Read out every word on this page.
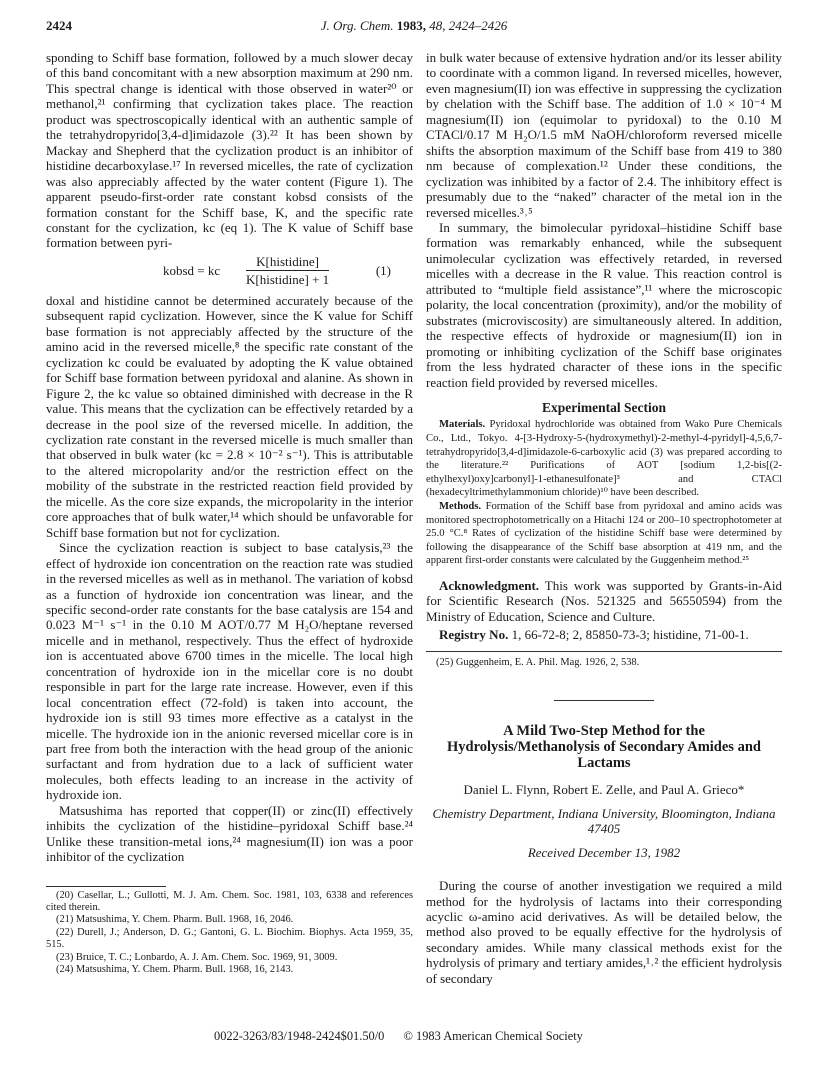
2424	J. Org. Chem. 1983, 48, 2424–2426

sponding to Schiff base formation, followed by a much slower decay of this band concomitant with a new absorption maximum at 290 nm. This spectral change is identical with those observed in water²⁰ or methanol,²¹ confirming that cyclization takes place. The reaction product was spectroscopically identical with an authentic sample of the tetrahydropyrido[3,4-d]imidazole (3).²² It has been shown by Mackay and Shepherd that the cyclization product is an inhibitor of histidine decarboxylase.¹⁷ In reversed micelles, the rate of cyclization was also appreciably affected by the water content (Figure 1). The apparent pseudo-first-order rate constant kobsd consists of the formation constant for the Schiff base, K, and the specific rate constant for the cyclization, kc (eq 1). The K value of Schiff base formation between pyri-

kobsd = kc
K[histidine]
K[histidine] + 1
(1)

doxal and histidine cannot be determined accurately because of the subsequent rapid cyclization. However, since the K value for Schiff base formation is not appreciably affected by the structure of the amino acid in the reversed micelle,⁸ the specific rate constant of the cyclization kc could be evaluated by adopting the K value obtained for Schiff base formation between pyridoxal and alanine. As shown in Figure 2, the kc value so obtained diminished with decrease in the R value. This means that the cyclization can be effectively retarded by a decrease in the pool size of the reversed micelle. In addition, the cyclization rate constant in the reversed micelle is much smaller than that observed in bulk water (kc = 2.8 × 10⁻² s⁻¹). This is attributable to the altered micropolarity and/or the restriction effect on the mobility of the substrate in the restricted reaction field provided by the micelle. As the core size expands, the micropolarity in the interior core approaches that of bulk water,¹⁴ which should be unfavorable for Schiff base formation but not for cyclization.

Since the cyclization reaction is subject to base catalysis,²³ the effect of hydroxide ion concentration on the reaction rate was studied in the reversed micelles as well as in methanol. The variation of kobsd as a function of hydroxide ion concentration was linear, and the specific second-order rate constants for the base catalysis are 154 and 0.023 M⁻¹ s⁻¹ in the 0.10 M AOT/0.77 M H₂O/heptane reversed micelle and in methanol, respectively. Thus the effect of hydroxide ion is accentuated above 6700 times in the micelle. The local high concentration of hydroxide ion in the micellar core is no doubt responsible in part for the large rate increase. However, even if this local concentration effect (72-fold) is taken into account, the hydroxide ion is still 93 times more effective as a catalyst in the micelle. The hydroxide ion in the anionic reversed micellar core is in part free from both the interaction with the head group of the anionic surfactant and from hydration due to a lack of sufficient water molecules, both effects leading to an increase in the activity of hydroxide ion.

Matsushima has reported that copper(II) or zinc(II) effectively inhibits the cyclization of the histidine–pyridoxal Schiff base.²⁴ Unlike these transition-metal ions,²⁴ magnesium(II) ion was a poor inhibitor of the cyclization

(20) Casellar, L.; Gullotti, M. J. Am. Chem. Soc. 1981, 103, 6338 and references cited therein.

(21) Matsushima, Y. Chem. Pharm. Bull. 1968, 16, 2046.

(22) Durell, J.; Anderson, D. G.; Gantoni, G. L. Biochim. Biophys. Acta 1959, 35, 515.

(23) Bruice, T. C.; Lonbardo, A. J. Am. Chem. Soc. 1969, 91, 3009.

(24) Matsushima, Y. Chem. Pharm. Bull. 1968, 16, 2143.

in bulk water because of extensive hydration and/or its lesser ability to coordinate with a common ligand. In reversed micelles, however, even magnesium(II) ion was effective in suppressing the cyclization by chelation with the Schiff base. The addition of 1.0 × 10⁻⁴ M magnesium(II) ion (equimolar to pyridoxal) to the 0.10 M CTACl/0.17 M H₂O/1.5 mM NaOH/chloroform reversed micelle shifts the absorption maximum of the Schiff base from 419 to 380 nm because of complexation.¹² Under these conditions, the cyclization was inhibited by a factor of 2.4. The inhibitory effect is presumably due to the “naked” character of the metal ion in the reversed micelles.³˒⁵

In summary, the bimolecular pyridoxal–histidine Schiff base formation was remarkably enhanced, while the subsequent unimolecular cyclization was effectively retarded, in reversed micelles with a decrease in the R value. This reaction control is attributed to “multiple field assistance”,¹¹ where the microscopic polarity, the local concentration (proximity), and/or the mobility of substrates (microviscosity) are simultaneously altered. In addition, the respective effects of hydroxide or magnesium(II) ion in promoting or inhibiting cyclization of the Schiff base originates from the less hydrated character of these ions in the specific reaction field provided by reversed micelles.

Experimental Section

Materials. Pyridoxal hydrochloride was obtained from Wako Pure Chemicals Co., Ltd., Tokyo. 4-[3-Hydroxy-5-(hydroxymethyl)-2-methyl-4-pyridyl]-4,5,6,7-tetrahydropyrido[3,4-d]imidazole-6-carboxylic acid (3) was prepared according to the literature.²² Purifications of AOT [sodium 1,2-bis[(2-ethylhexyl)oxy]carbonyl]-1-ethanesulfonate]³ and CTACl (hexadecyltrimethylammonium chloride)¹⁰ have been described.

Methods. Formation of the Schiff base from pyridoxal and amino acids was monitored spectrophotometrically on a Hitachi 124 or 200–10 spectrophotometer at 25.0 °C.⁸ Rates of cyclization of the histidine Schiff base were determined by following the disappearance of the Schiff base absorption at 419 nm, and the apparent first-order constants were calculated by the Guggenheim method.²⁵

Acknowledgment. This work was supported by Grants-in-Aid for Scientific Research (Nos. 521325 and 56550594) from the Ministry of Education, Science and Culture.

Registry No. 1, 66-72-8; 2, 85850-73-3; histidine, 71-00-1.

(25) Guggenheim, E. A. Phil. Mag. 1926, 2, 538.

A Mild Two-Step Method for the Hydrolysis/Methanolysis of Secondary Amides and Lactams

Daniel L. Flynn, Robert E. Zelle, and Paul A. Grieco*
Chemistry Department, Indiana University, Bloomington, Indiana 47405
Received December 13, 1982

During the course of another investigation we required a mild method for the hydrolysis of lactams into their corresponding acyclic ω-amino acid derivatives. As will be detailed below, the method also proved to be equally effective for the hydrolysis of secondary amides. While many classical methods exist for the hydrolysis of primary and tertiary amides,¹˒² the efficient hydrolysis of secondary

0022-3263/83/1948-2424$01.50/0 © 1983 American Chemical Society
